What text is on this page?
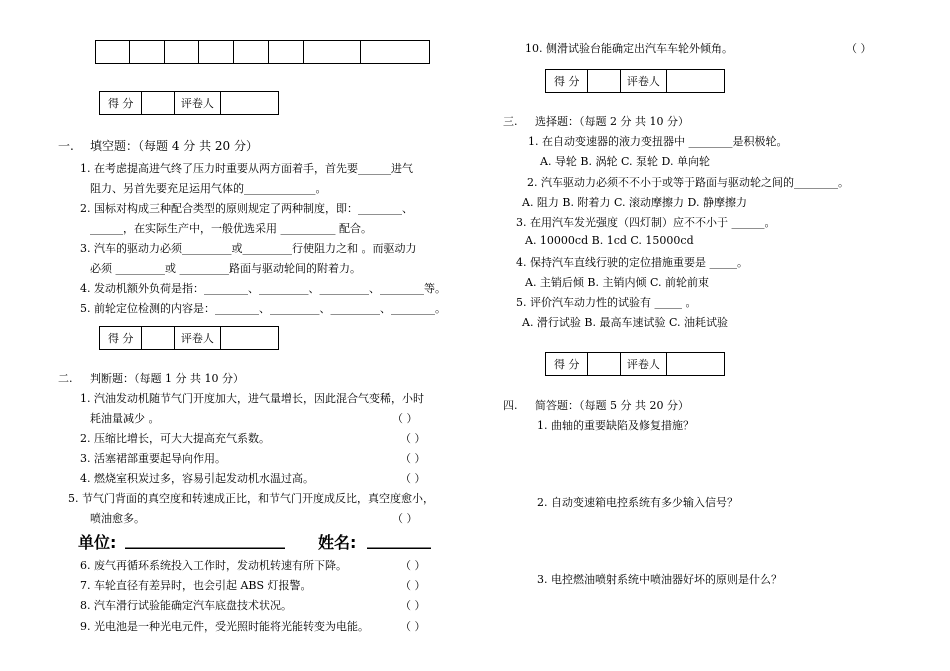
得 分		评卷人	
一. 填空题：（每题 4 分 共 20 分）
1. 在考虑提高进气终了压力时重要从两方面着手，首先要______进气
阻力、另首先要充足运用气体的_____________。
2. 国标对构成三种配合类型的原则规定了两种制度，即：________、
______，在实际生产中，一般优选采用 __________ 配合。
3. 汽车的驱动力必须_________或_________行使阻力之和 。而驱动力
必须 _________或 _________路面与驱动轮间的附着力。
4. 发动机额外负荷是指：________、_________、_________、________等。
5. 前轮定位检测的内容是：________、_________、_________、________。
得 分		评卷人	
二. 判断题：（每题 1 分 共 10 分）
1. 汽油发动机随节气门开度加大，进气量增长，因此混合气变稀，小时
耗油量减少 。	（ ）
2. 压缩比增长，可大大提高充气系数。	（ ）
3. 活塞裙部重要起导向作用。	（ ）
4. 燃烧室积炭过多，容易引起发动机水温过高。	（ ）
5. 节气门背面的真空度和转速成正比，和节气门开度成反比，真空度愈小，
喷油愈多。	（ ）
单位: ____________________ 姓名: ________
6. 废气再循环系统投入工作时，发动机转速有所下降。	（ ）
7. 车轮直径有差异时，也会引起 ABS 灯报警。	（ ）
8. 汽车滑行试验能确定汽车底盘技术状况。	（ ）
9. 光电池是一种光电元件，受光照时能将光能转变为电能。	（ ）
10. 侧滑试验台能确定出汽车车轮外倾角。	（ ）
得 分		评卷人	
三. 选择题：（每题 2 分 共 10 分）
1. 在自动变速器的液力变扭器中 ________是积极轮。
A. 导轮 B. 涡轮 C. 泵轮 D. 单向轮
2. 汽车驱动力必须不不小于或等于路面与驱动轮之间的________。
A. 阻力 B. 附着力 C. 滚动摩擦力 D. 静摩擦力
3. 在用汽车发光强度（四灯制）应不不小于 ______。
A. 10000cd B. 1cd C. 15000cd
4. 保持汽车直线行驶的定位措施重要是 _____。
A. 主销后倾 B. 主销内倾 C. 前轮前束
5. 评价汽车动力性的试验有 _____ 。
A. 滑行试验 B. 最高车速试验 C. 油耗试验
得 分		评卷人	
四. 简答题：（每题 5 分 共 20 分）
1. 曲轴的重要缺陷及修复措施？
2. 自动变速箱电控系统有多少输入信号？
3. 电控燃油喷射系统中喷油器好坏的原则是什么？
